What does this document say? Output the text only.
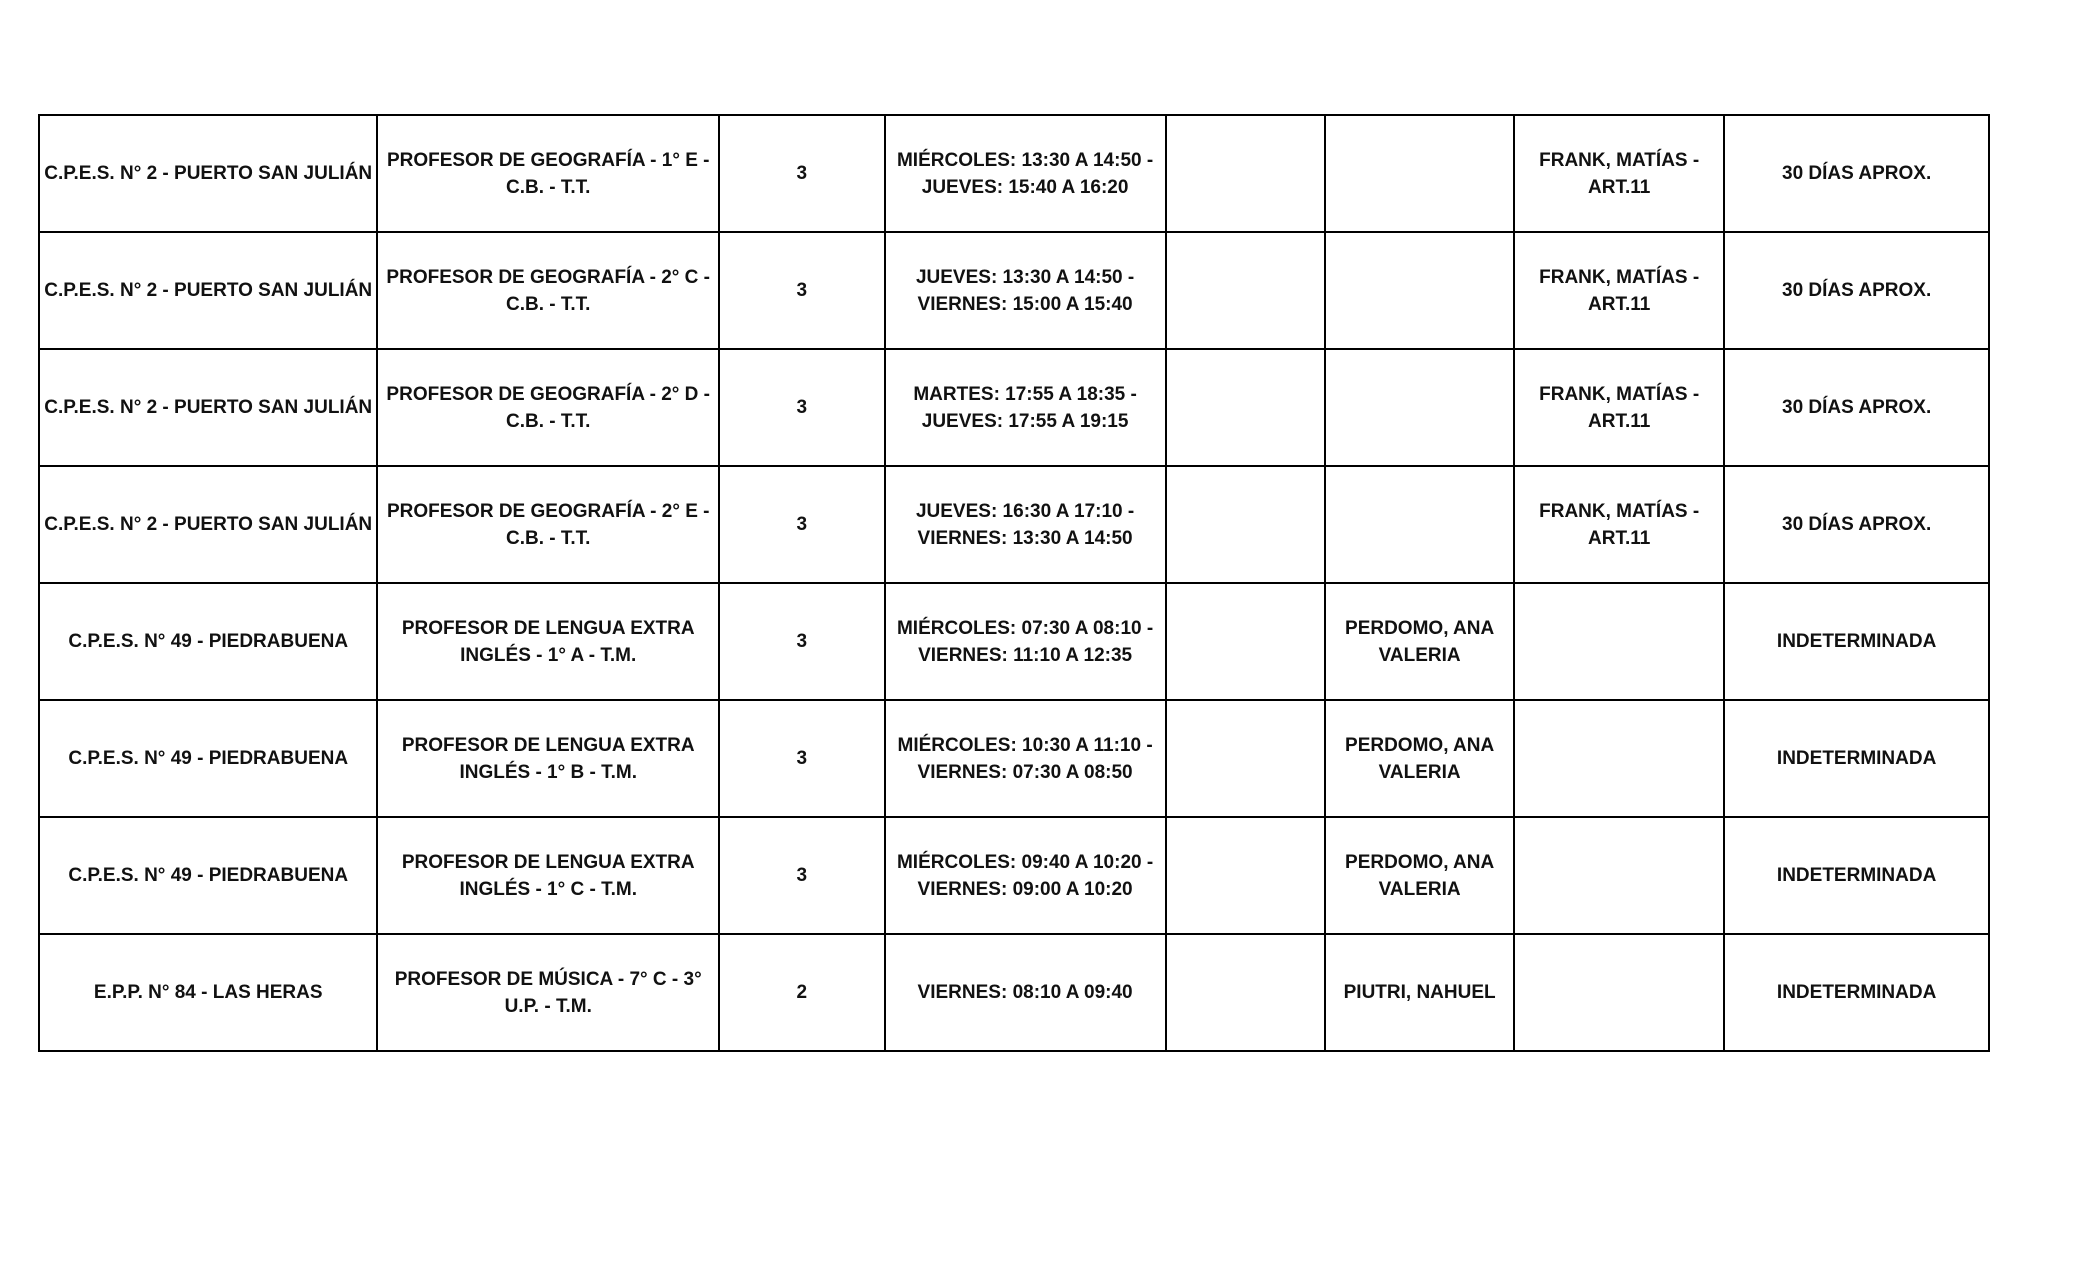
C.P.E.S. N° 2 - PUERTO SAN JULIÁN	PROFESOR DE GEOGRAFÍA - 1° E - C.B. - T.T.	3	MIÉRCOLES: 13:30 A 14:50 - JUEVES: 15:40 A 16:20			FRANK, MATÍAS - ART.11	30 DÍAS APROX.
C.P.E.S. N° 2 - PUERTO SAN JULIÁN	PROFESOR DE GEOGRAFÍA - 2° C - C.B. - T.T.	3	JUEVES: 13:30 A 14:50 - VIERNES: 15:00 A 15:40			FRANK, MATÍAS - ART.11	30 DÍAS APROX.
C.P.E.S. N° 2 - PUERTO SAN JULIÁN	PROFESOR DE GEOGRAFÍA - 2° D - C.B. - T.T.	3	MARTES: 17:55 A 18:35 - JUEVES: 17:55 A 19:15			FRANK, MATÍAS - ART.11	30 DÍAS APROX.
C.P.E.S. N° 2 - PUERTO SAN JULIÁN	PROFESOR DE GEOGRAFÍA - 2° E - C.B. - T.T.	3	JUEVES: 16:30 A 17:10 - VIERNES: 13:30 A 14:50			FRANK, MATÍAS - ART.11	30 DÍAS APROX.
C.P.E.S. N° 49 - PIEDRABUENA	PROFESOR DE LENGUA EXTRA INGLÉS - 1° A - T.M.	3	MIÉRCOLES: 07:30 A 08:10 - VIERNES: 11:10 A 12:35		PERDOMO, ANA VALERIA		INDETERMINADA
C.P.E.S. N° 49 - PIEDRABUENA	PROFESOR DE LENGUA EXTRA INGLÉS - 1° B - T.M.	3	MIÉRCOLES: 10:30 A 11:10 - VIERNES: 07:30 A 08:50		PERDOMO, ANA VALERIA		INDETERMINADA
C.P.E.S. N° 49 - PIEDRABUENA	PROFESOR DE LENGUA EXTRA INGLÉS - 1° C - T.M.	3	MIÉRCOLES: 09:40 A 10:20 - VIERNES: 09:00 A 10:20		PERDOMO, ANA VALERIA		INDETERMINADA
E.P.P. N° 84 - LAS HERAS	PROFESOR DE MÚSICA - 7° C - 3° U.P. - T.M.	2	VIERNES: 08:10 A 09:40		PIUTRI, NAHUEL		INDETERMINADA
